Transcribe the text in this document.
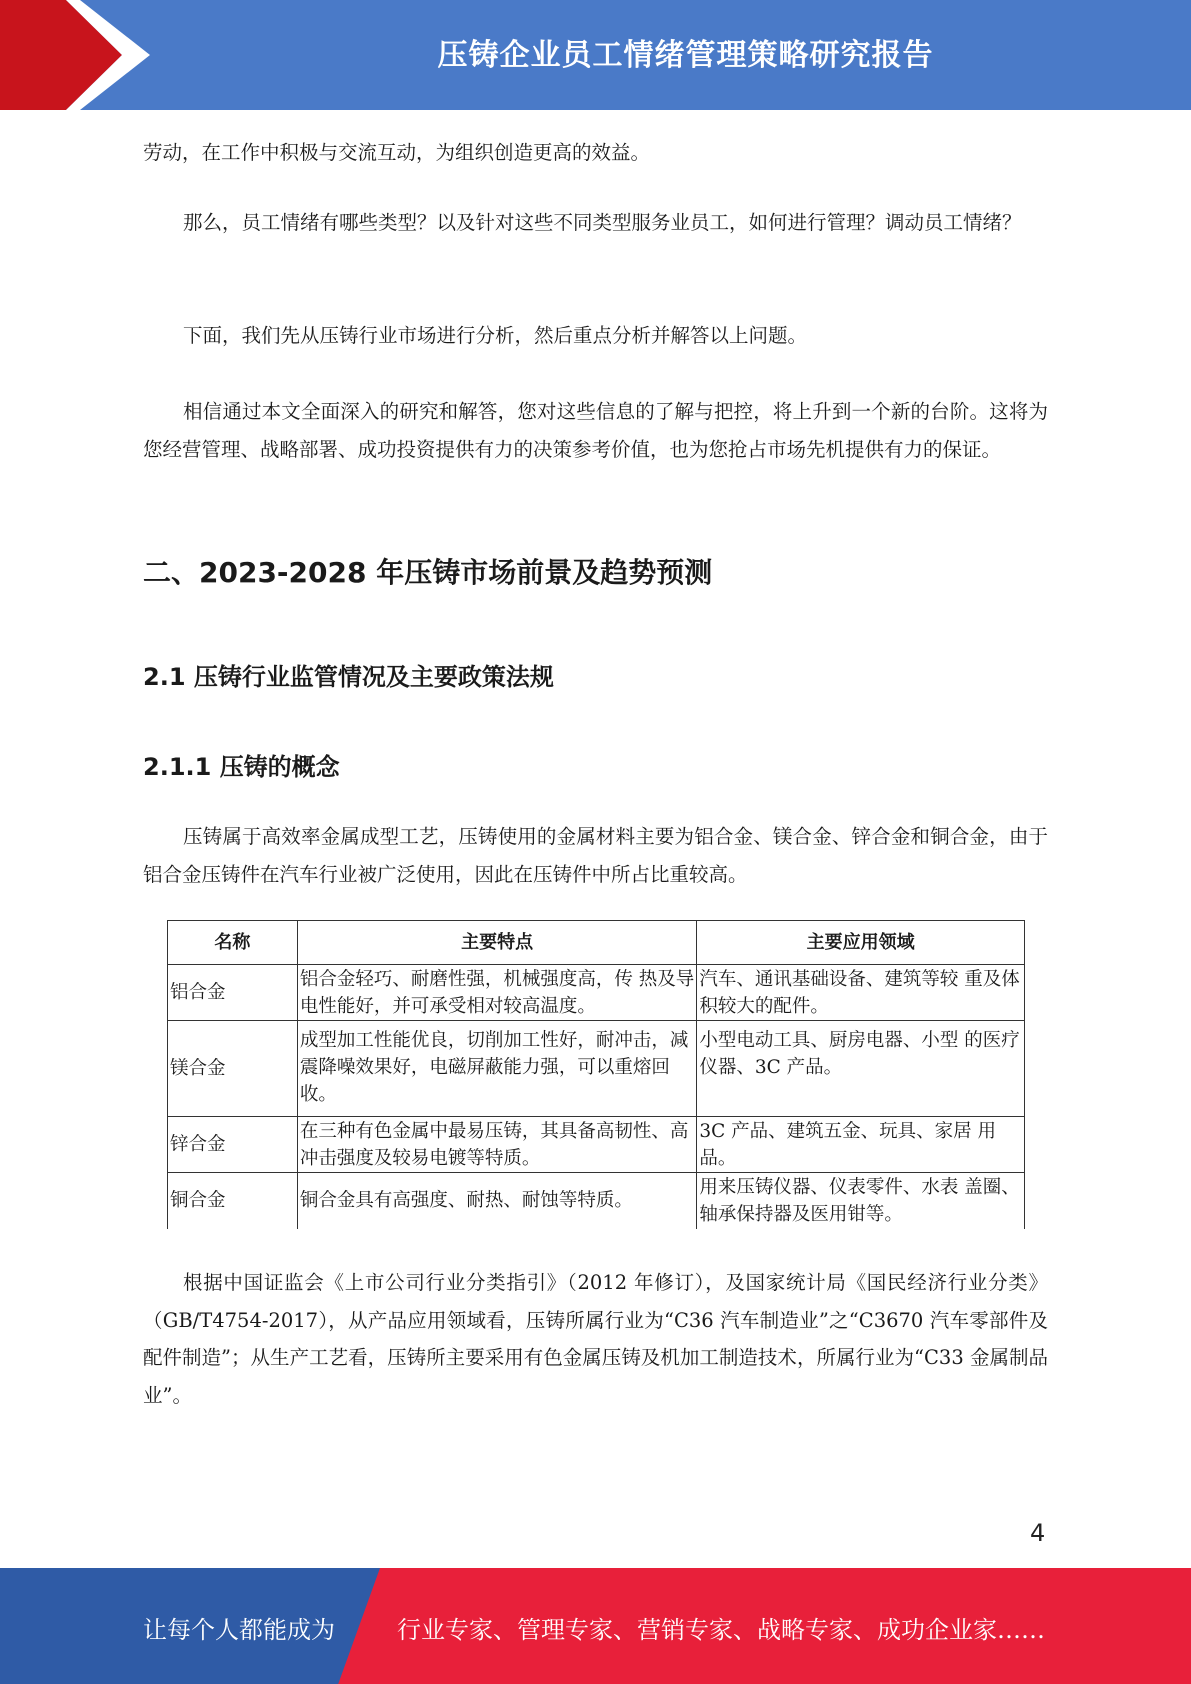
压铸企业员工情绪管理策略研究报告

劳动，在工作中积极与交流互动，为组织创造更高的效益。

那么，员工情绪有哪些类型？以及针对这些不同类型服务业员工，如何进行管理？调动员工情绪？

下面，我们先从压铸行业市场进行分析，然后重点分析并解答以上问题。

相信通过本文全面深入的研究和解答，您对这些信息的了解与把控，将上升到一个新的台阶。这将为您经营管理、战略部署、成功投资提供有力的决策参考价值，也为您抢占市场先机提供有力的保证。

二、2023-2028 年压铸市场前景及趋势预测
2.1 压铸行业监管情况及主要政策法规
2.1.1 压铸的概念

压铸属于高效率金属成型工艺，压铸使用的金属材料主要为铝合金、镁合金、锌合金和铜合金，由于铝合金压铸件在汽车行业被广泛使用，因此在压铸件中所占比重较高。

名称	主要特点	主要应用领域
铝合金	铝合金轻巧、耐磨性强，机械强度高，传 热及导电性能好，并可承受相对较高温度。	汽车、通讯基础设备、建筑等较 重及体积较大的配件。
镁合金	成型加工性能优良，切削加工性好，耐冲击，减震降噪效果好，电磁屏蔽能力强，可以重熔回收。	小型电动工具、厨房电器、小型 的医疗仪器、3C 产品。
锌合金	在三种有色金属中最易压铸，其具备高韧性、高冲击强度及较易电镀等特质。	3C 产品、建筑五金、玩具、家居 用品。
铜合金	铜合金具有高强度、耐热、耐蚀等特质。	用来压铸仪器、仪表零件、水表 盖圈、轴承保持器及医用钳等。

根据中国证监会《上市公司行业分类指引》（2012 年修订），及国家统计局《国民经济行业分类》（GB/T4754-2017），从产品应用领域看，压铸所属行业为“C36 汽车制造业”之“C3670 汽车零部件及配件制造”；从生产工艺看，压铸所主要采用有色金属压铸及机加工制造技术，所属行业为“C33 金属制品业”。

4
让每个人都能成为	行业专家、管理专家、营销专家、战略专家、成功企业家……
